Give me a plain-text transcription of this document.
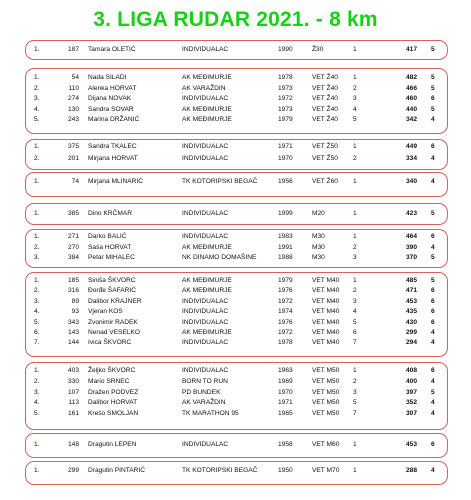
3. LIGA RUDAR 2021. - 8 km
1.	187 Tamara OLETIĆ	INDIVIDUALAC	1990	Ž30	1	417 5
1.	54 Nada SILADI	AK MEĐIMURJE	1978	VET Ž40 1	482 5
2.	110 Alenka HORVAT	AK VARAŽDIN	1973	VET Ž40 2	466 5
3.	274 Dijana NOVAK	INDIVIDUALAC	1972	VET Ž40 3	460 6
4.	130 Sandra SOVAR	AK MEĐIMURJE	1973	VET Ž40 4	440 5
5.	243 Marina DRŽANIĆ	AK MEĐIMURJE	1979	VET Ž40 5	342 4
1.	375 Sandra TKALEC	INDIVIDUALAC	1971	VET Ž50 1	449 6
2.	201 Mirjana HORVAT	INDIVIDUALAC	1970	VET Ž50 2	334 4
1.	74 Mirjana MLINARIĆ	TK KOTORIPSKI BEGAČ	1956	VET Ž60 1	340 4
1.	385 Dino KRČMAR	INDIVIDUALAC	1999	M20	1	423 5
1.	271 Darko BALIĆ	INDIVIDUALAC	1983	M30	1	464 6
2.	270 Saša HORVAT	AK MEĐIMURJE	1991	M30	2	390 4
3.	384 Petar MIHALEC	NK DINAMO DOMAŠINE	1988	M30	3	370 5
1.	185 Siniša ŠKVORC	AK MEĐIMURJE	1979	VET M40 1	485 5
2.	316 Đorđe ŠAFARIĆ	AK MEĐIMURJE	1976	VET M40 2	471 6
3.	89 Dalibor KRAJNER	INDIVIDUALAC	1972	VET M40 3	453 6
4.	93 Vjeran KOS	INDIVIDUALAC	1974	VET M40 4	435 6
5.	343 Zvonimir RADEK	INDIVIDUALAC	1976	VET M40 5	430 6
6.	143 Nenad VESELKO	AK MEĐIMURJE	1972	VET M40 6	299 4
7.	144 Ivica ŠKVORC	INDIVIDUALAC	1978	VET M40 7	294 4
1.	403 Željko ŠKVORC	INDIVIDUALAC	1963	VET M50 1	408 6
2.	330 Mario SRNEC	BORN TO RUN	1969	VET M50 2	400 4
3.	107 Dražen PODVEZ	PD BUNDEK	1970	VET M50 3	397 5
4.	113 Dalibor HORVAT	AK VARAŽDIN	1971	VET M50 5	352 4
5.	161 Krešo SMOLJAN	TK MARATHON 95	1965	VET M50 7	307 4
1.	148 Dragutin LEPEN	INDIVIDUALAC	1958	VET M60 1	453 6
1.	299 Dragutin PINTARIĆ	TK KOTORIPSKI BEGAČ	1950	VET M70 1	288 4
